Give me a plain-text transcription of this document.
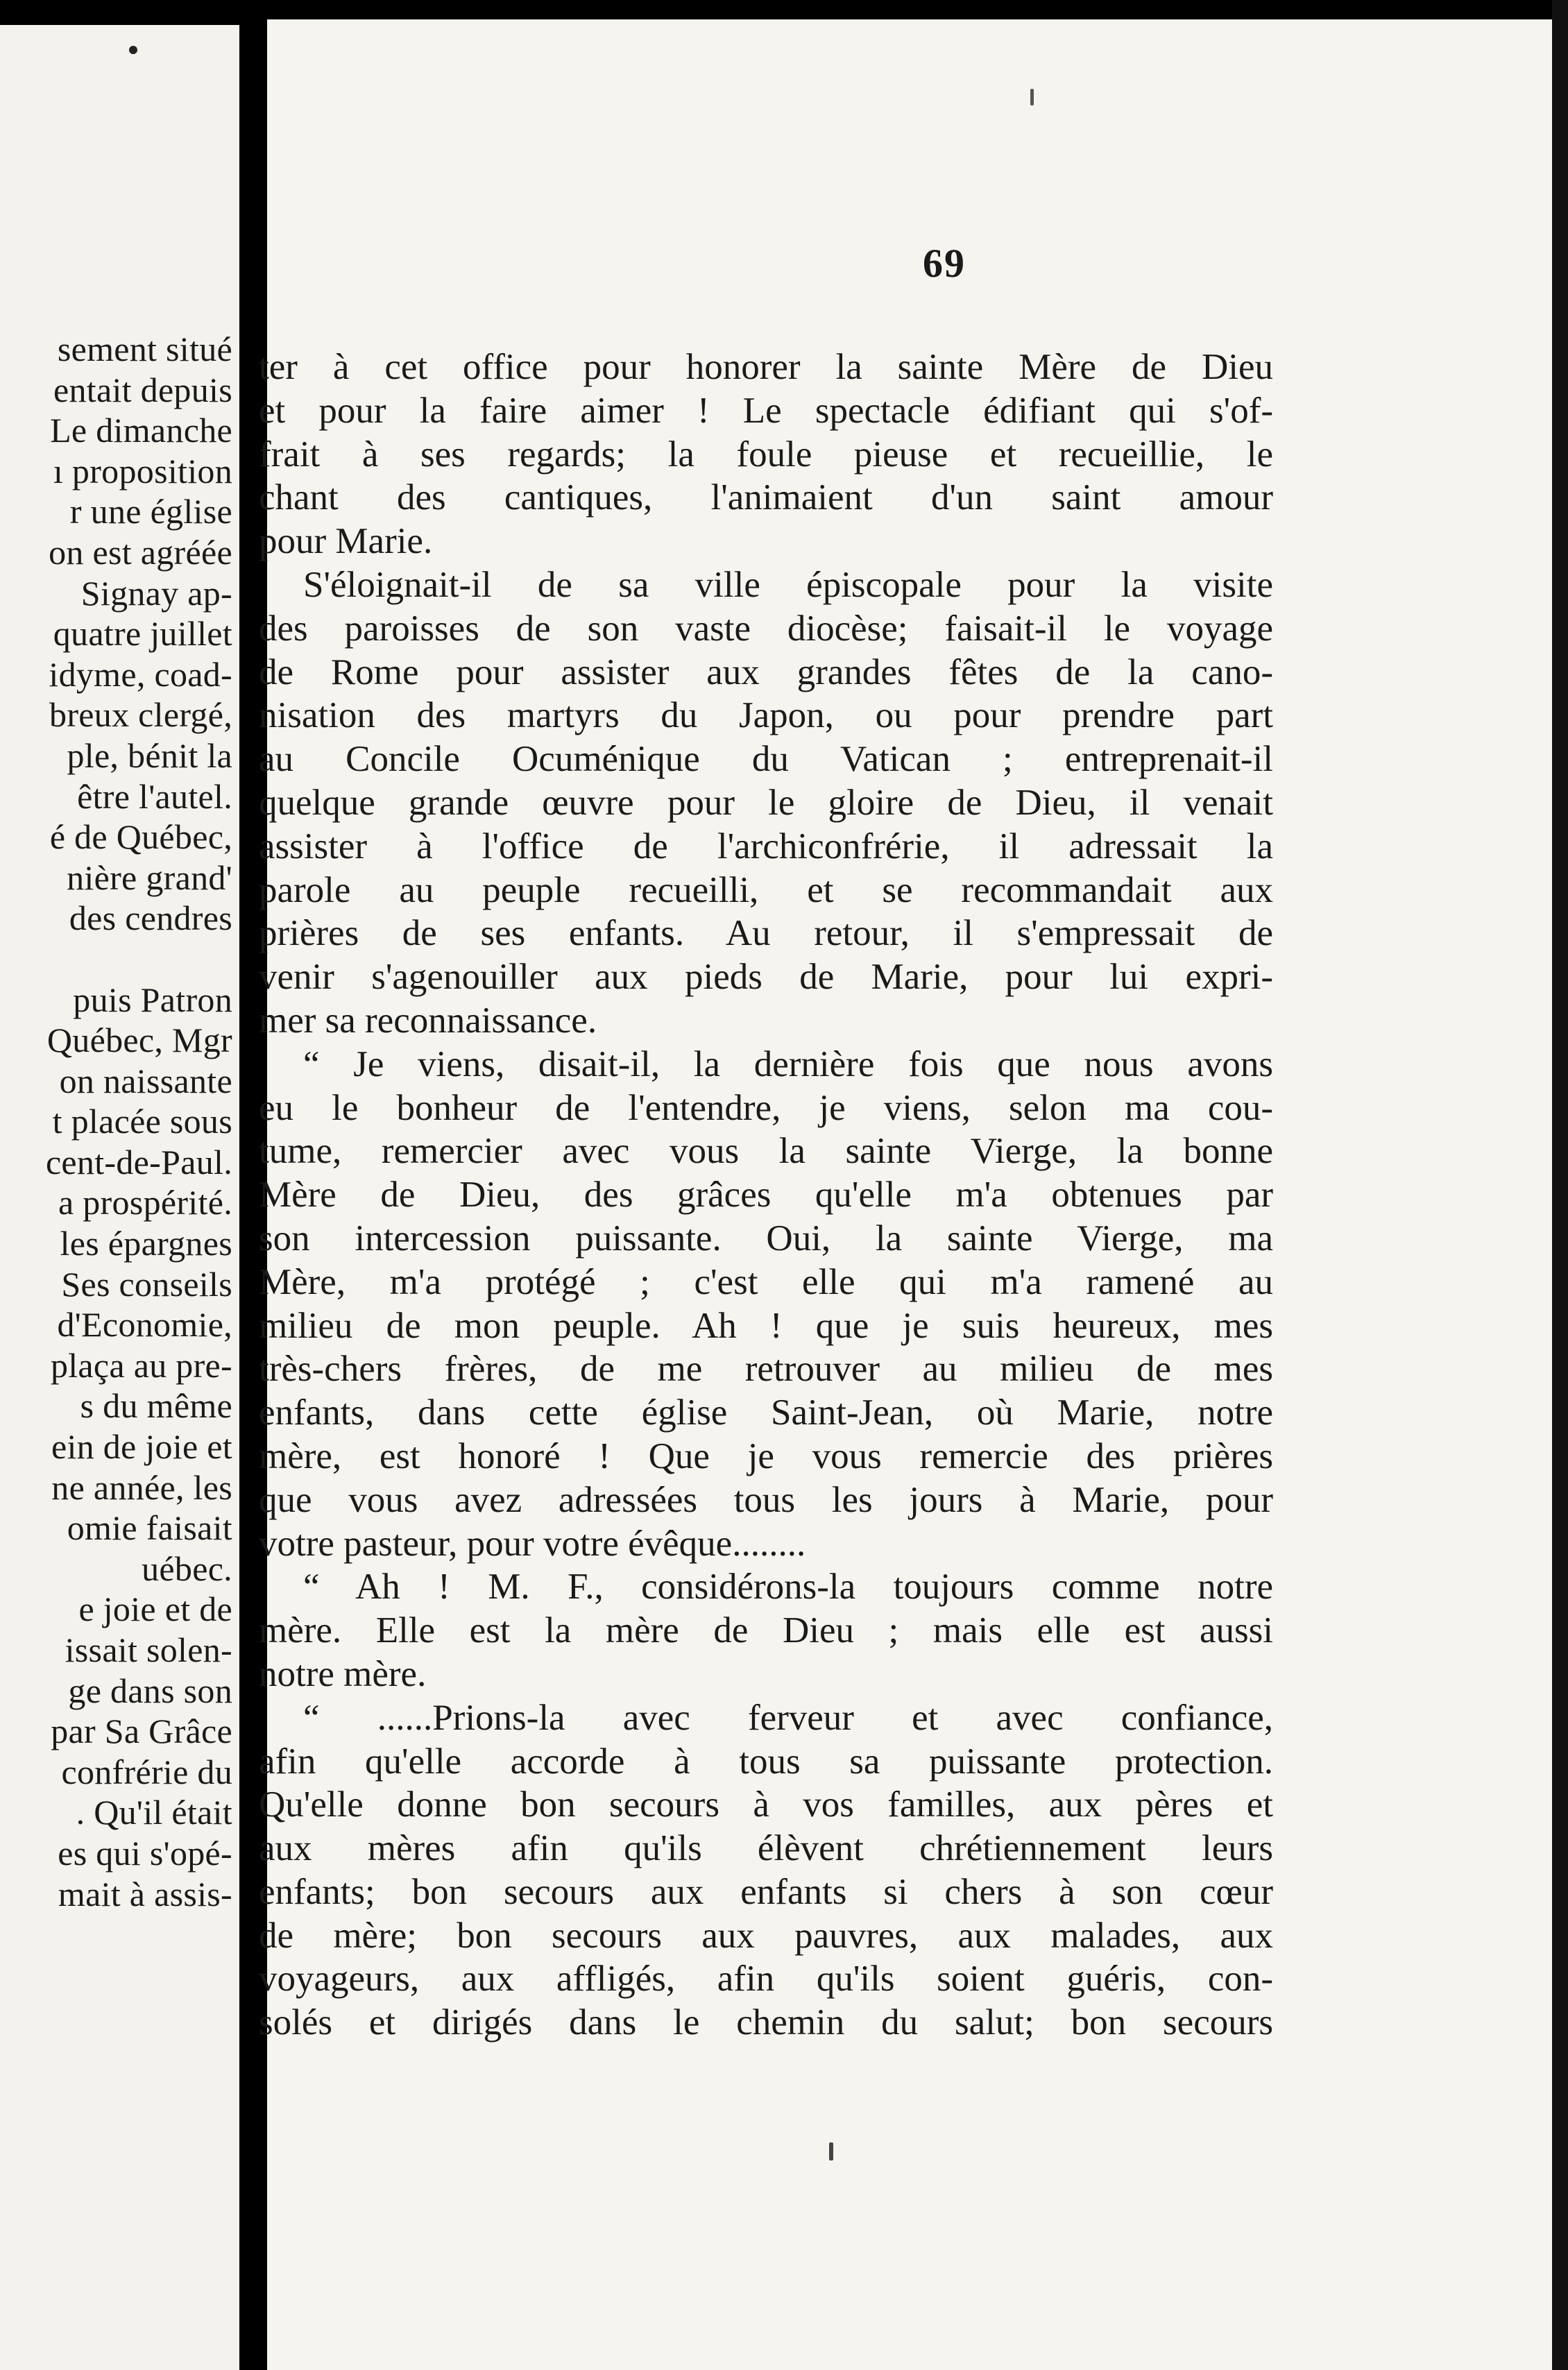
sement situé
entait depuis
Le dimanche
ı proposition
r une église
on est agréée
Signay ap-
quatre juillet
idyme, coad-
breux clergé,
ple, bénit la
être l'autel.
é de Québec,
nière grand'
des cendres
puis Patron
Québec, Mgr
on naissante
t placée sous
cent-de-Paul.
a prospérité.
les épargnes
Ses conseils
d'Economie,
plaça au pre-
s du même
ein de joie et
ne année, les
omie faisait
uébec.
e joie et de
issait solen-
ge dans son
par Sa Grâce
confrérie du
. Qu'il était
es qui s'opé-
mait à assis-
69
ter à cet office pour honorer la sainte Mère de Dieu
et pour la faire aimer ! Le spectacle édifiant qui s'of-
frait à ses regards; la foule pieuse et recueillie, le
chant des cantiques, l'animaient d'un saint amour
pour Marie.
S'éloignait-il de sa ville épiscopale pour la visite
des paroisses de son vaste diocèse; faisait-il le voyage
de Rome pour assister aux grandes fêtes de la cano-
nisation des martyrs du Japon, ou pour prendre part
au Concile Ocuménique du Vatican ; entreprenait-il
quelque grande œuvre pour le gloire de Dieu, il venait
assister à l'office de l'archiconfrérie, il adressait la
parole au peuple recueilli, et se recommandait aux
prières de ses enfants. Au retour, il s'empressait de
venir s'agenouiller aux pieds de Marie, pour lui expri-
mer sa reconnaissance.
“ Je viens, disait-il, la dernière fois que nous avons
eu le bonheur de l'entendre, je viens, selon ma cou-
tume, remercier avec vous la sainte Vierge, la bonne
Mère de Dieu, des grâces qu'elle m'a obtenues par
son intercession puissante. Oui, la sainte Vierge, ma
Mère, m'a protégé ; c'est elle qui m'a ramené au
milieu de mon peuple. Ah ! que je suis heureux, mes
très-chers frères, de me retrouver au milieu de mes
enfants, dans cette église Saint-Jean, où Marie, notre
mère, est honoré ! Que je vous remercie des prières
que vous avez adressées tous les jours à Marie, pour
votre pasteur, pour votre évêque........
“ Ah ! M. F., considérons-la toujours comme notre
mère. Elle est la mère de Dieu ; mais elle est aussi
notre mère.
“ ......Prions-la avec ferveur et avec confiance,
afin qu'elle accorde à tous sa puissante protection.
Qu'elle donne bon secours à vos familles, aux pères et
aux mères afin qu'ils élèvent chrétiennement leurs
enfants; bon secours aux enfants si chers à son cœur
de mère; bon secours aux pauvres, aux malades, aux
voyageurs, aux affligés, afin qu'ils soient guéris, con-
solés et dirigés dans le chemin du salut; bon secours
